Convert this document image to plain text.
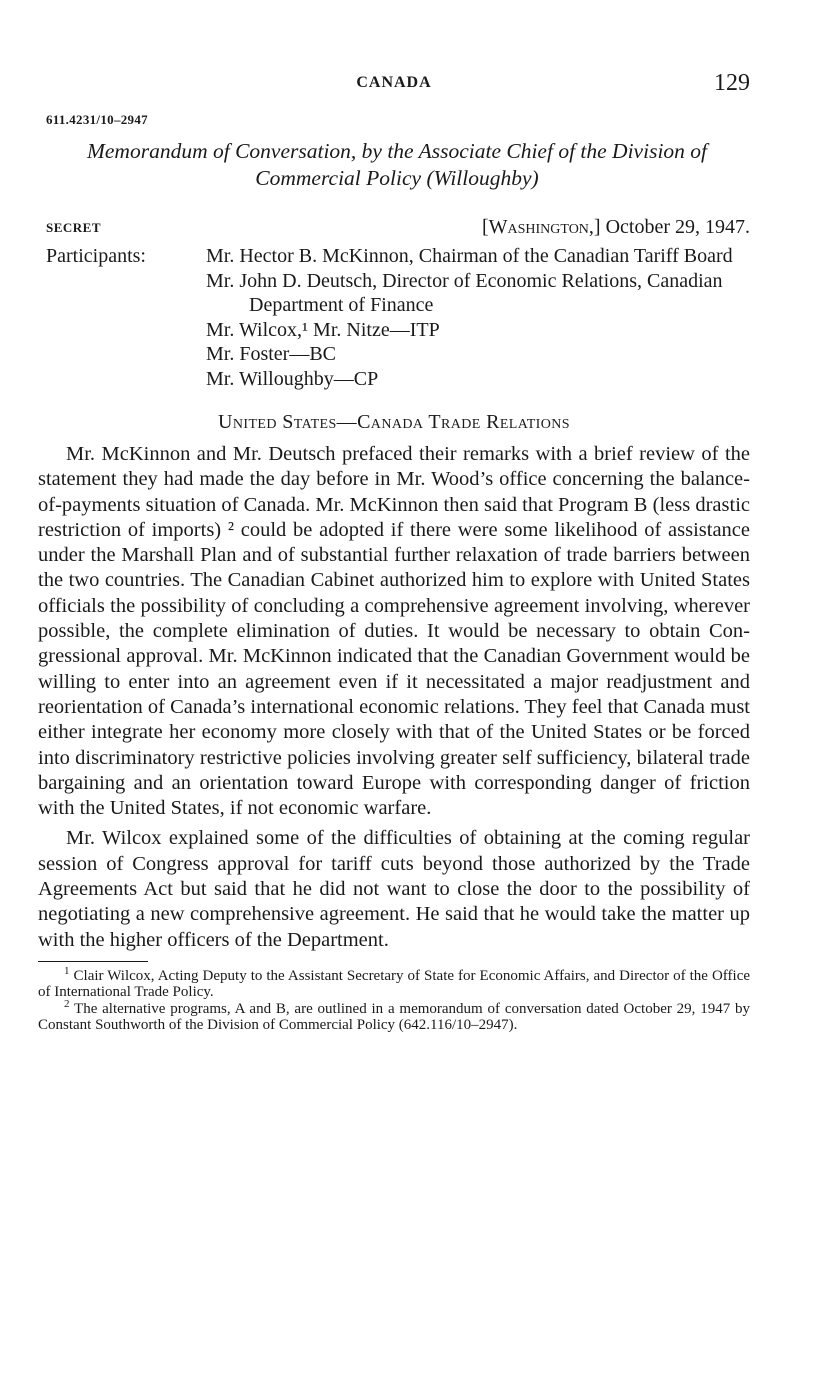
CANADA	129
611.4231/10–2947
Memorandum of Conversation, by the Associate Chief of the Division of Commercial Policy (Willoughby)
SECRET	[Washington,] October 29, 1947.
Participants:	Mr. Hector B. McKinnon, Chairman of the Canadian Tariff Board
Mr. John D. Deutsch, Director of Economic Relations, Canadian Department of Finance
Mr. Wilcox,¹ Mr. Nitze—ITP
Mr. Foster—BC
Mr. Willoughby—CP
United States—Canada Trade Relations

Mr. McKinnon and Mr. Deutsch prefaced their remarks with a brief review of the statement they had made the day before in Mr. Wood’s office concerning the balance-of-payments situation of Canada. Mr. McKinnon then said that Program B (less drastic restriction of imports) ² could be adopted if there were some likelihood of assistance under the Marshall Plan and of substantial further relaxation of trade barriers between the two countries. The Canadian Cabinet authorized him to explore with United States officials the possibility of concluding a comprehensive agreement involving, wherever possible, the complete elimination of duties. It would be necessary to obtain Congressional approval. Mr. McKinnon indicated that the Canadian Government would be willing to enter into an agreement even if it necessitated a major readjustment and reorientation of Canada’s international economic relations. They feel that Canada must either integrate her economy more closely with that of the United States or be forced into discriminatory restrictive policies involving greater self sufficiency, bilateral trade bargaining and an orientation toward Europe with corresponding danger of friction with the United States, if not economic warfare.

Mr. Wilcox explained some of the difficulties of obtaining at the coming regular session of Congress approval for tariff cuts beyond those authorized by the Trade Agreements Act but said that he did not want to close the door to the possibility of negotiating a new comprehensive agreement. He said that he would take the matter up with the higher officers of the Department.

$^1$ Clair Wilcox, Acting Deputy to the Assistant Secretary of State for Economic Affairs, and Director of the Office of International Trade Policy.

$^2$ The alternative programs, A and B, are outlined in a memorandum of conversation dated October 29, 1947 by Constant Southworth of the Division of Commercial Policy (642.116/10–2947).
